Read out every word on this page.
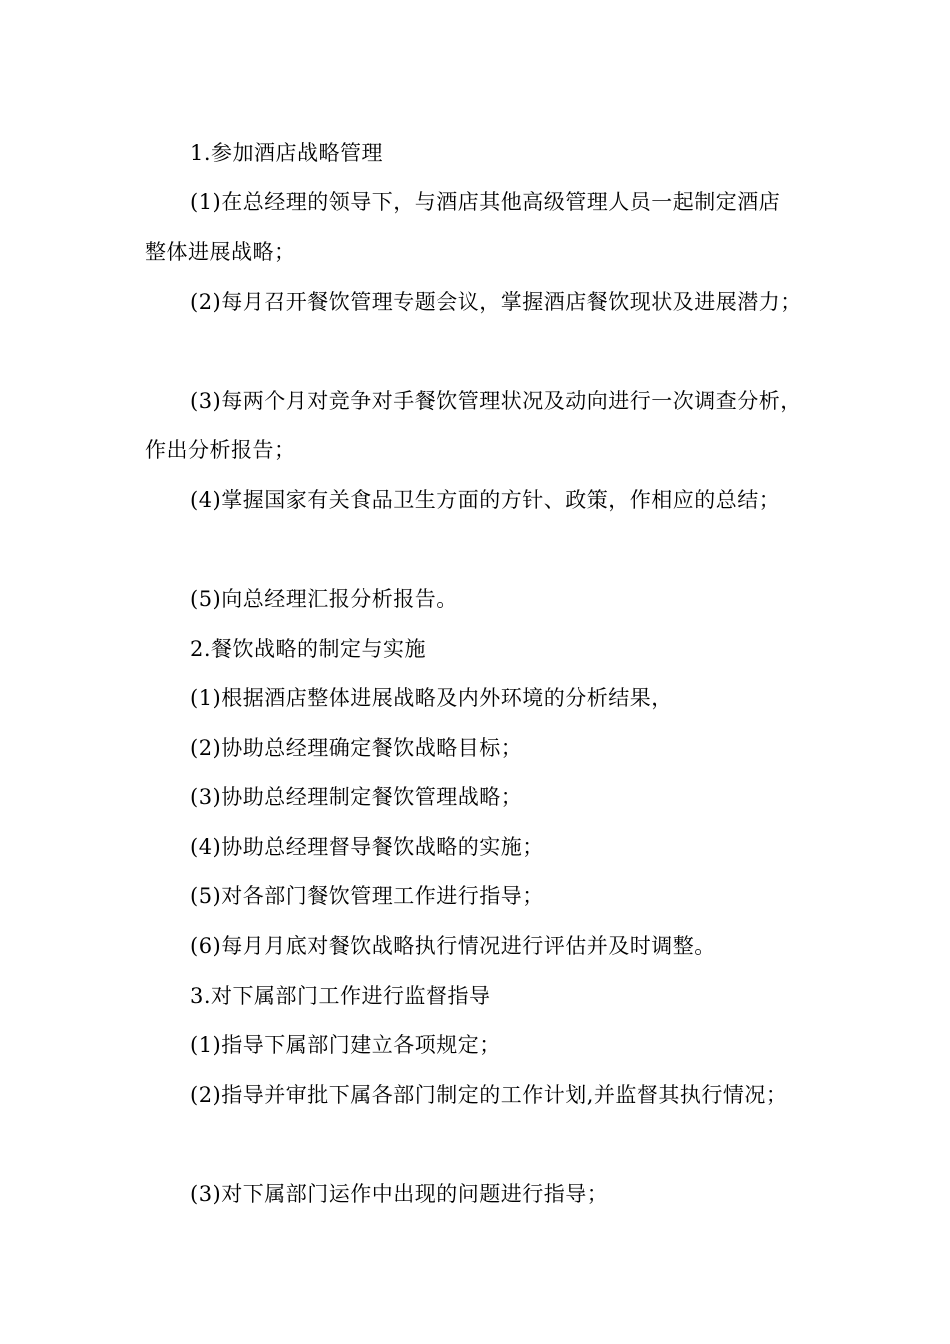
1.参加酒店战略管理
(1)在总经理的领导下，与酒店其他高级管理人员一起制定酒店
整体进展战略；
(2)每月召开餐饮管理专题会议，掌握酒店餐饮现状及进展潜力；
(3)每两个月对竞争对手餐饮管理状况及动向进行一次调查分析，
作出分析报告；
(4)掌握国家有关食品卫生方面的方针、政策，作相应的总结；
(5)向总经理汇报分析报告。
2.餐饮战略的制定与实施
(1)根据酒店整体进展战略及内外环境的分析结果，
(2)协助总经理确定餐饮战略目标；
(3)协助总经理制定餐饮管理战略；
(4)协助总经理督导餐饮战略的实施；
(5)对各部门餐饮管理工作进行指导；
(6)每月月底对餐饮战略执行情况进行评估并及时调整。
3.对下属部门工作进行监督指导
(1)指导下属部门建立各项规定；
(2)指导并审批下属各部门制定的工作计划,并监督其执行情况；
(3)对下属部门运作中出现的问题进行指导；
